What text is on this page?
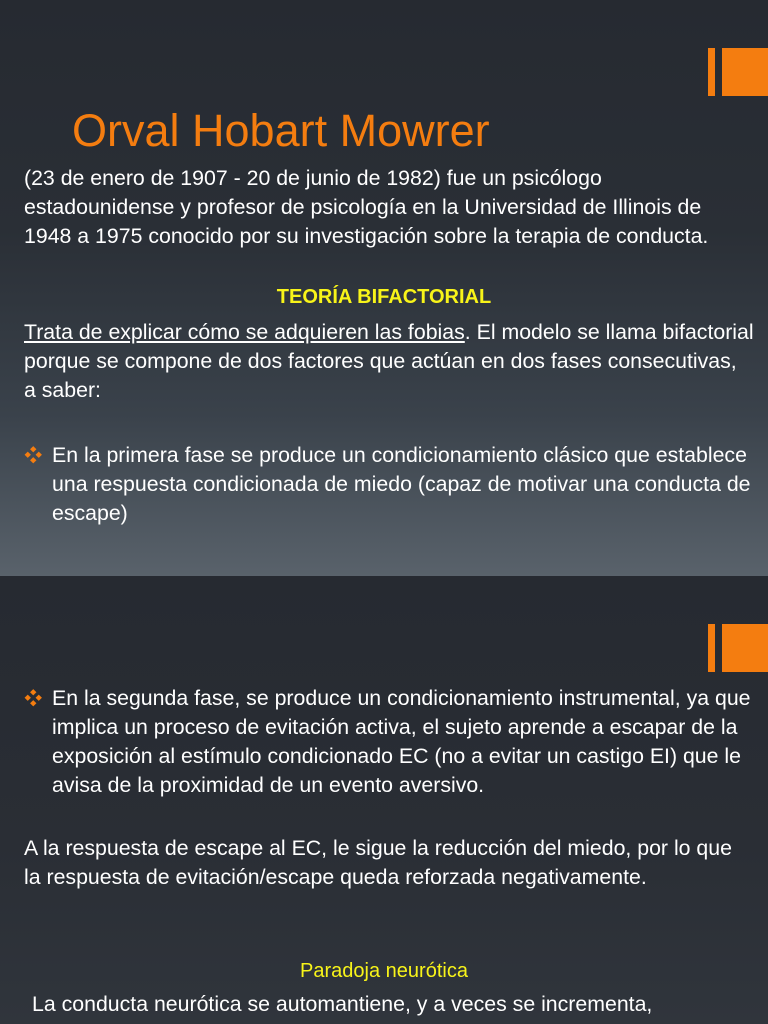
Orval Hobart Mowrer

(23 de enero de 1907 - 20 de junio de 1982) fue un psicólogo estadounidense y profesor de psicología en la Universidad de Illinois de 1948 a 1975 conocido por su investigación sobre la terapia de conducta.

TEORÍA BIFACTORIAL

Trata de explicar cómo se adquieren las fobias. El modelo se llama bifactorial porque se compone de dos factores que actúan en dos fases consecutivas, a saber:

En la primera fase se produce un condicionamiento clásico que establece una respuesta condicionada de miedo (capaz de motivar una conducta de escape)

En la segunda fase, se produce un condicionamiento instrumental, ya que implica un proceso de evitación activa, el sujeto aprende a escapar de la exposición al estímulo condicionado EC (no a evitar un castigo EI) que le avisa de la proximidad de un evento aversivo.

A la respuesta de escape al EC, le sigue la reducción del miedo, por lo que la respuesta de evitación/escape queda reforzada negativamente.

Paradoja neurótica

La conducta neurótica se automantiene, y a veces se incrementa,
